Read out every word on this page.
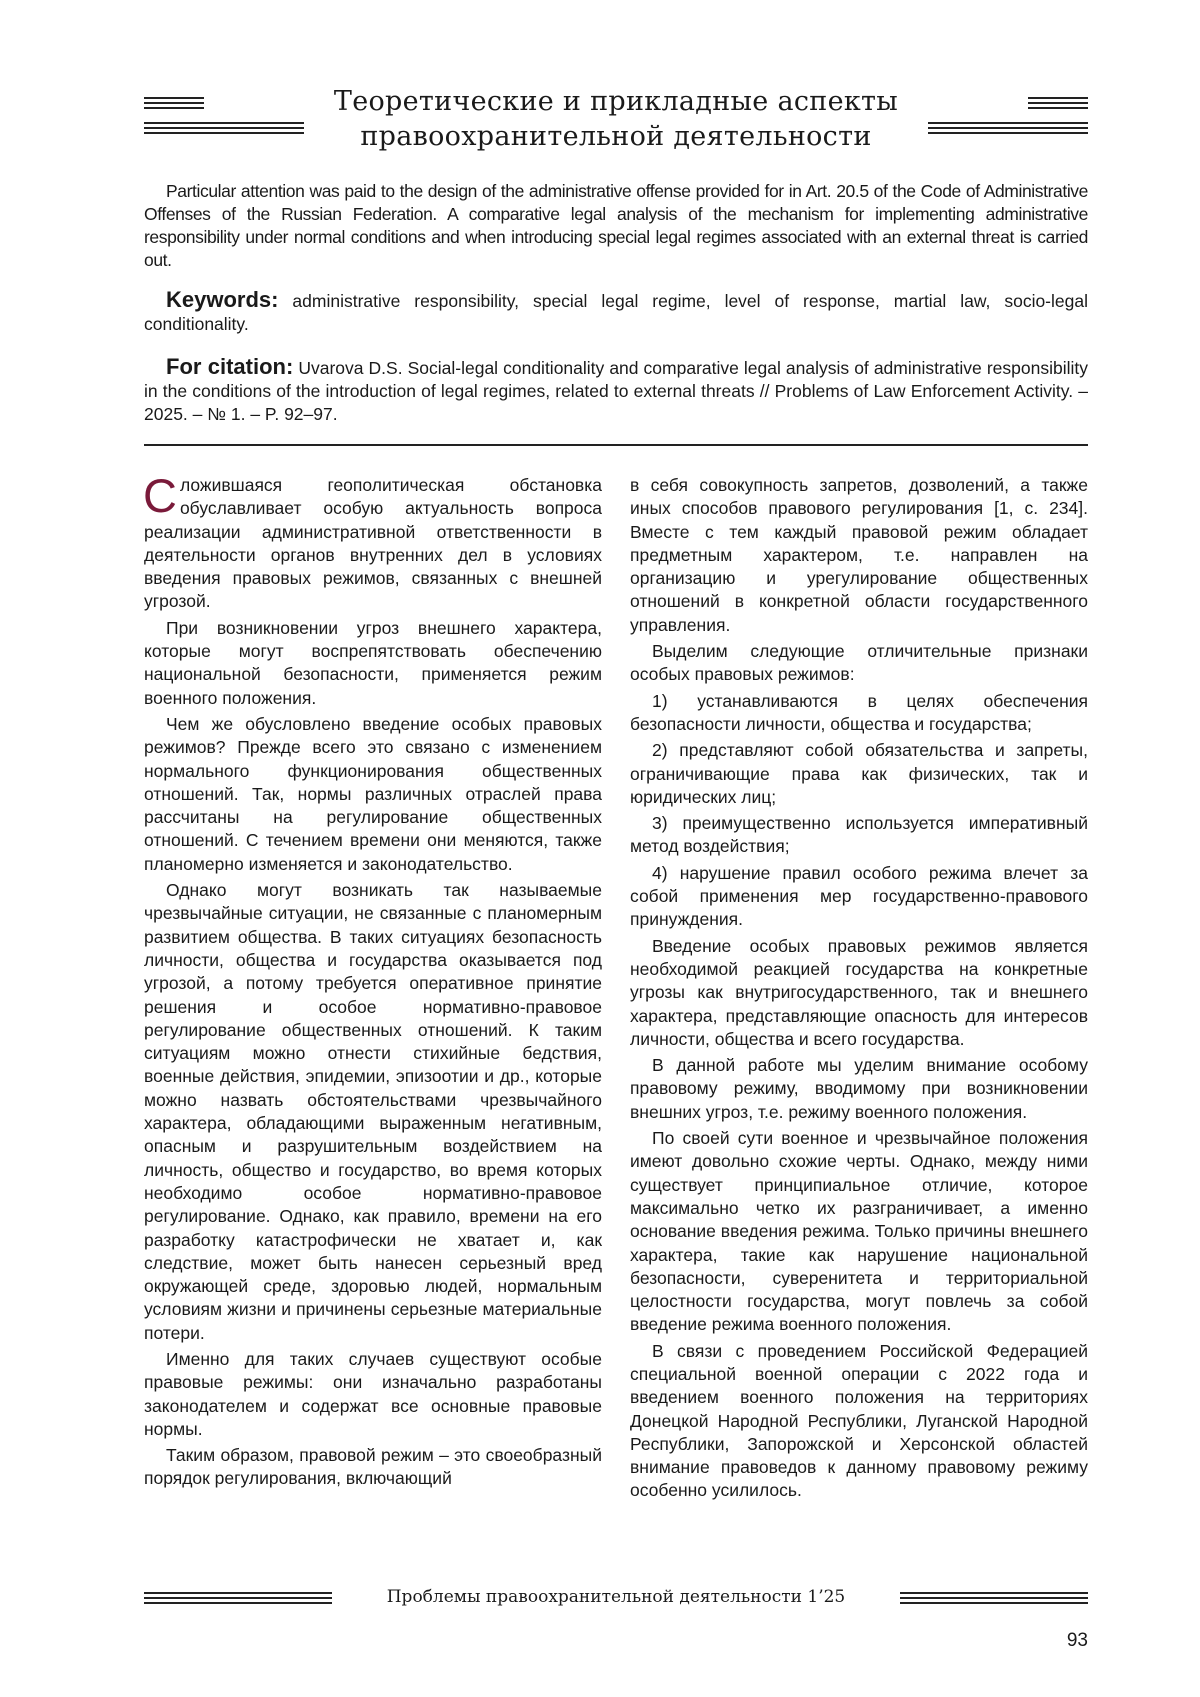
Теоретические и прикладные аспекты
правоохранительной деятельности

Particular attention was paid to the design of the administrative offense provided for in Art. 20.5 of the Code of Administrative Offenses of the Russian Federation. A comparative legal analysis of the mechanism for implementing administrative responsibility under normal conditions and when introducing special legal regimes associated with an external threat is carried out.

Keywords: administrative responsibility, special legal regime, level of response, martial law, socio-legal conditionality.

For citation: Uvarova D.S. Social-legal conditionality and comparative legal analysis of administrative responsibility in the conditions of the introduction of legal regimes, related to external threats // Problems of Law Enforcement Activity. – 2025. – № 1. – P. 92–97.

Сложившаяся геополитическая обстановка обуславливает особую актуальность вопроса реализации административной ответственности в деятельности органов внутренних дел в условиях введения правовых режимов, связанных с внешней угрозой.

При возникновении угроз внешнего характера, которые могут воспрепятствовать обеспечению национальной безопасности, применяется режим военного положения.

Чем же обусловлено введение особых правовых режимов? Прежде всего это связано с изменением нормального функционирования общественных отношений. Так, нормы различных отраслей права рассчитаны на регулирование общественных отношений. С течением времени они меняются, также планомерно изменяется и законодательство.

Однако могут возникать так называемые чрезвычайные ситуации, не связанные с планомерным развитием общества. В таких ситуациях безопасность личности, общества и государства оказывается под угрозой, а потому требуется оперативное принятие решения и особое нормативно-правовое регулирование общественных отношений. К таким ситуациям можно отнести стихийные бедствия, военные действия, эпидемии, эпизоотии и др., которые можно назвать обстоятельствами чрезвычайного характера, обладающими выраженным негативным, опасным и разрушительным воздействием на личность, общество и государство, во время которых необходимо особое нормативно-правовое регулирование. Однако, как правило, времени на его разработку катастрофически не хватает и, как следствие, может быть нанесен серьезный вред окружающей среде, здоровью людей, нормальным условиям жизни и причинены серьезные материальные потери.

Именно для таких случаев существуют особые правовые режимы: они изначально разработаны законодателем и содержат все основные правовые нормы.

Таким образом, правовой режим – это своеобразный порядок регулирования, включающий

в себя совокупность запретов, дозволений, а также иных способов правового регулирования [1, с. 234]. Вместе с тем каждый правовой режим обладает предметным характером, т.е. направлен на организацию и урегулирование общественных отношений в конкретной области государственного управления.

Выделим следующие отличительные признаки особых правовых режимов:

1) устанавливаются в целях обеспечения безопасности личности, общества и государства;

2) представляют собой обязательства и запреты, ограничивающие права как физических, так и юридических лиц;

3) преимущественно используется императивный метод воздействия;

4) нарушение правил особого режима влечет за собой применения мер государственно-правового принуждения.

Введение особых правовых режимов является необходимой реакцией государства на конкретные угрозы как внутригосударственного, так и внешнего характера, представляющие опасность для интересов личности, общества и всего государства.

В данной работе мы уделим внимание особому правовому режиму, вводимому при возникновении внешних угроз, т.е. режиму военного положения.

По своей сути военное и чрезвычайное положения имеют довольно схожие черты. Однако, между ними существует принципиальное отличие, которое максимально четко их разграничивает, а именно основание введения режима. Только причины внешнего характера, такие как нарушение национальной безопасности, суверенитета и территориальной целостности государства, могут повлечь за собой введение режима военного положения.

В связи с проведением Российской Федерацией специальной военной операции с 2022 года и введением военного положения на территориях Донецкой Народной Республики, Луганской Народной Республики, Запорожской и Херсонской областей внимание правоведов к данному правовому режиму особенно усилилось.

Проблемы правоохранительной деятельности 1’25
93
